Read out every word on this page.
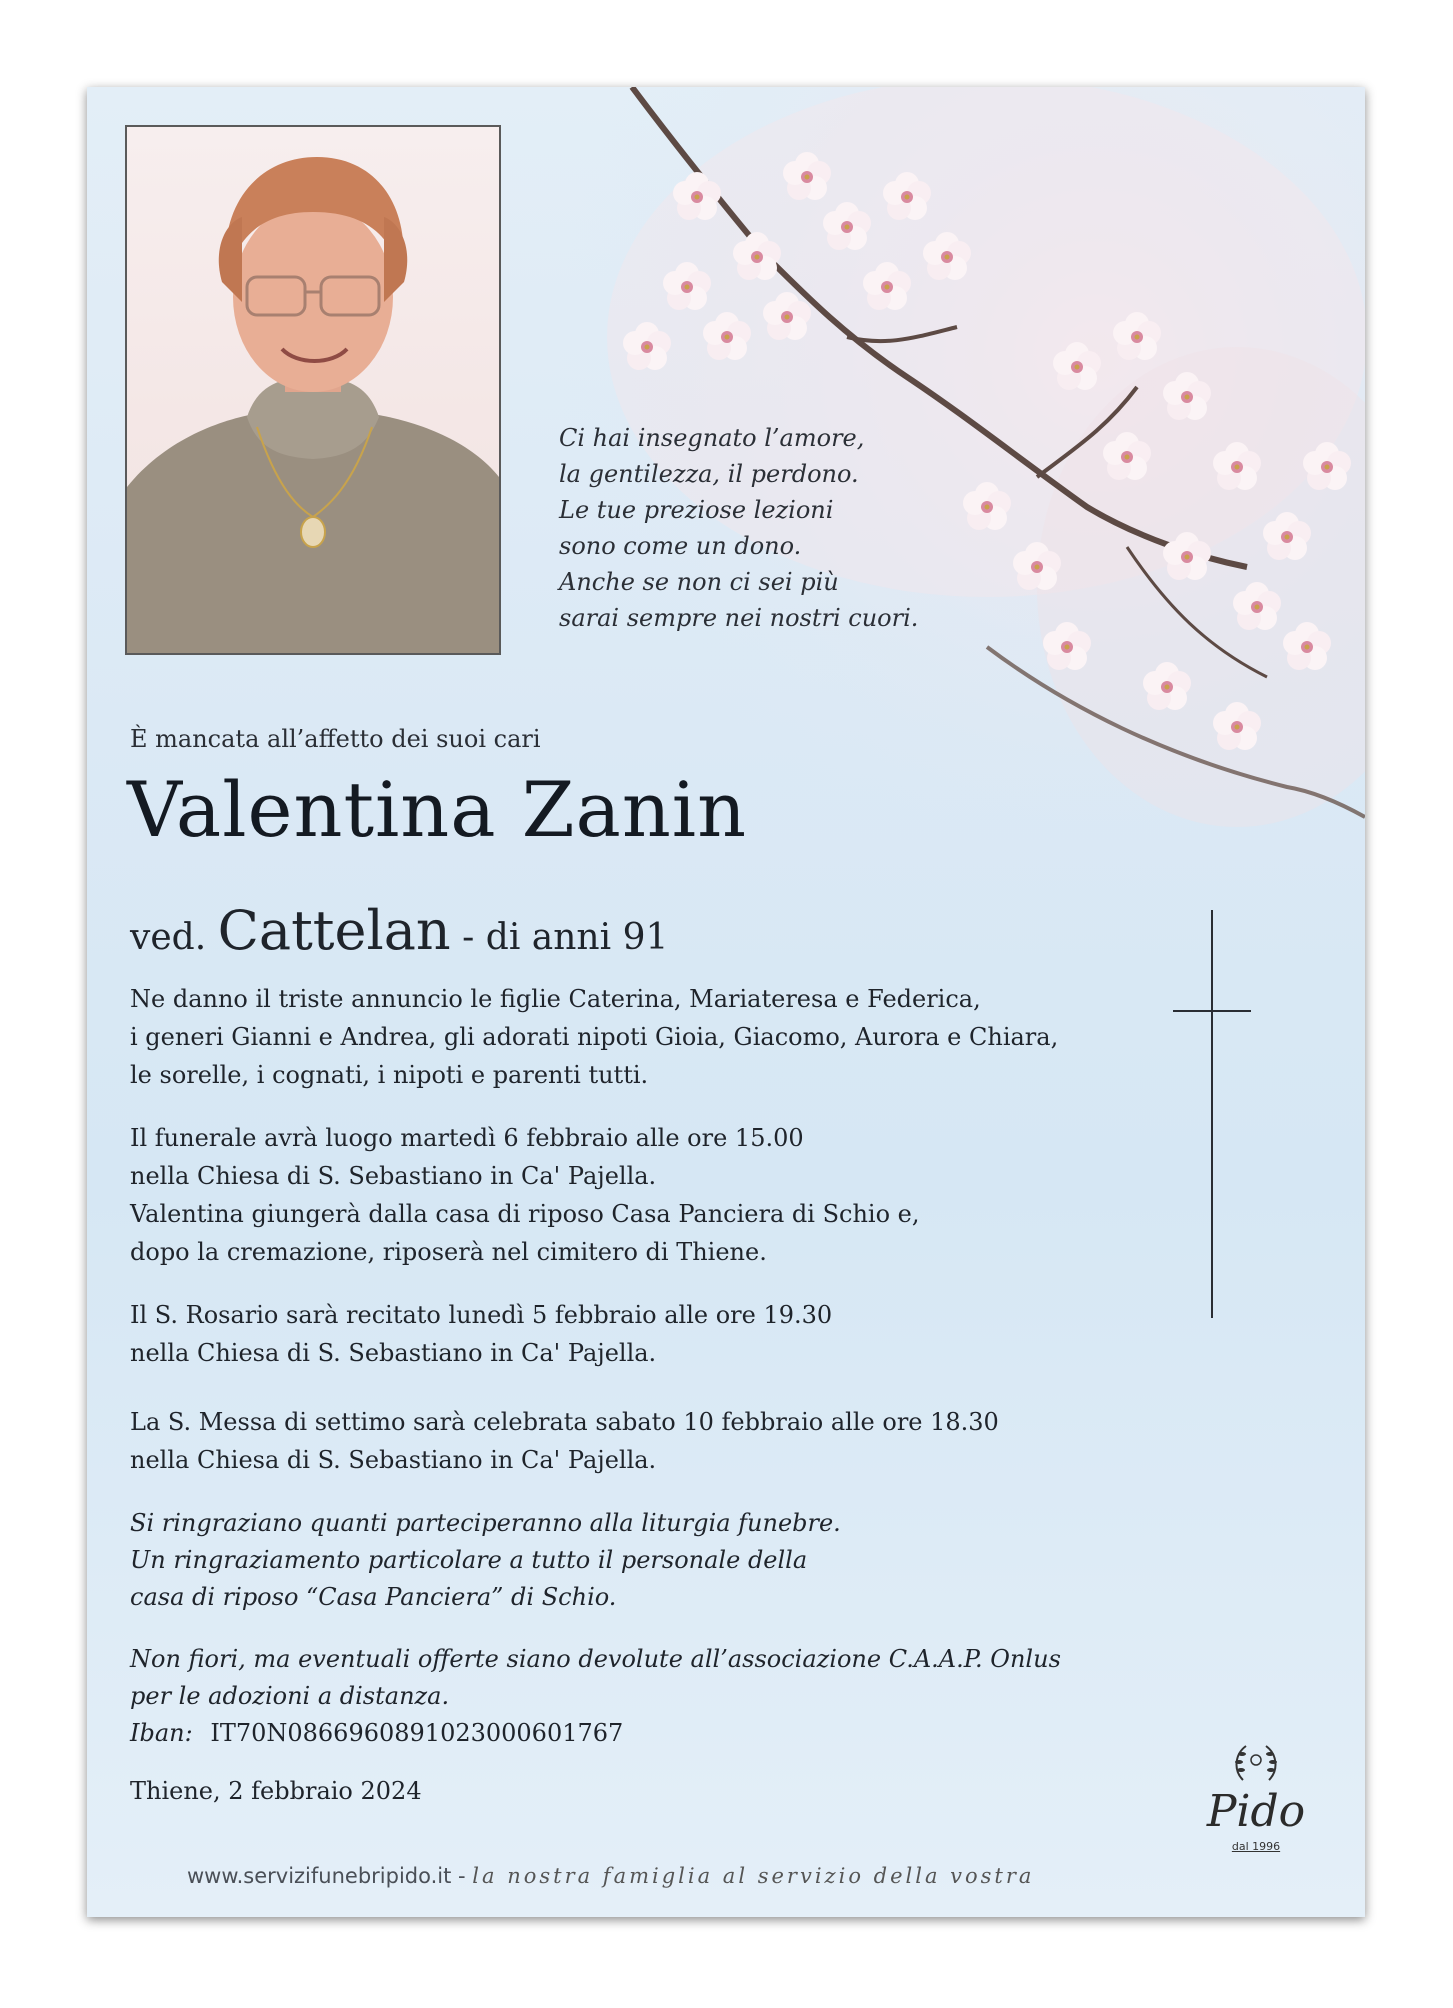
Ci hai insegnato l’amore,
la gentilezza, il perdono.
Le tue preziose lezioni
sono come un dono.
Anche se non ci sei più
sarai sempre nei nostri cuori.
È mancata all’affetto dei suoi cari
Valentina Zanin
ved. Cattelan - di anni 91
Ne danno il triste annuncio le figlie Caterina, Mariateresa e Federica,
i generi Gianni e Andrea, gli adorati nipoti Gioia, Giacomo, Aurora e Chiara,
le sorelle, i cognati, i nipoti e parenti tutti.
Il funerale avrà luogo martedì 6 febbraio alle ore 15.00
nella Chiesa di S. Sebastiano in Ca' Pajella.
Valentina giungerà dalla casa di riposo Casa Panciera di Schio e,
dopo la cremazione, riposerà nel cimitero di Thiene.
Il S. Rosario sarà recitato lunedì 5 febbraio alle ore 19.30
nella Chiesa di S. Sebastiano in Ca' Pajella.
La S. Messa di settimo sarà celebrata sabato 10 febbraio alle ore 18.30
nella Chiesa di S. Sebastiano in Ca' Pajella.
Si ringraziano quanti parteciperanno alla liturgia funebre.
Un ringraziamento particolare a tutto il personale della
casa di riposo “Casa Panciera” di Schio.
Non fiori, ma eventuali offerte siano devolute all’associazione C.A.A.P. Onlus
per le adozioni a distanza.
Iban: IT70N0866960891023000601767
Thiene, 2 febbraio 2024
www.servizifunebripido.it - la nostra famiglia al servizio della vostra
Pido
dal 1996
